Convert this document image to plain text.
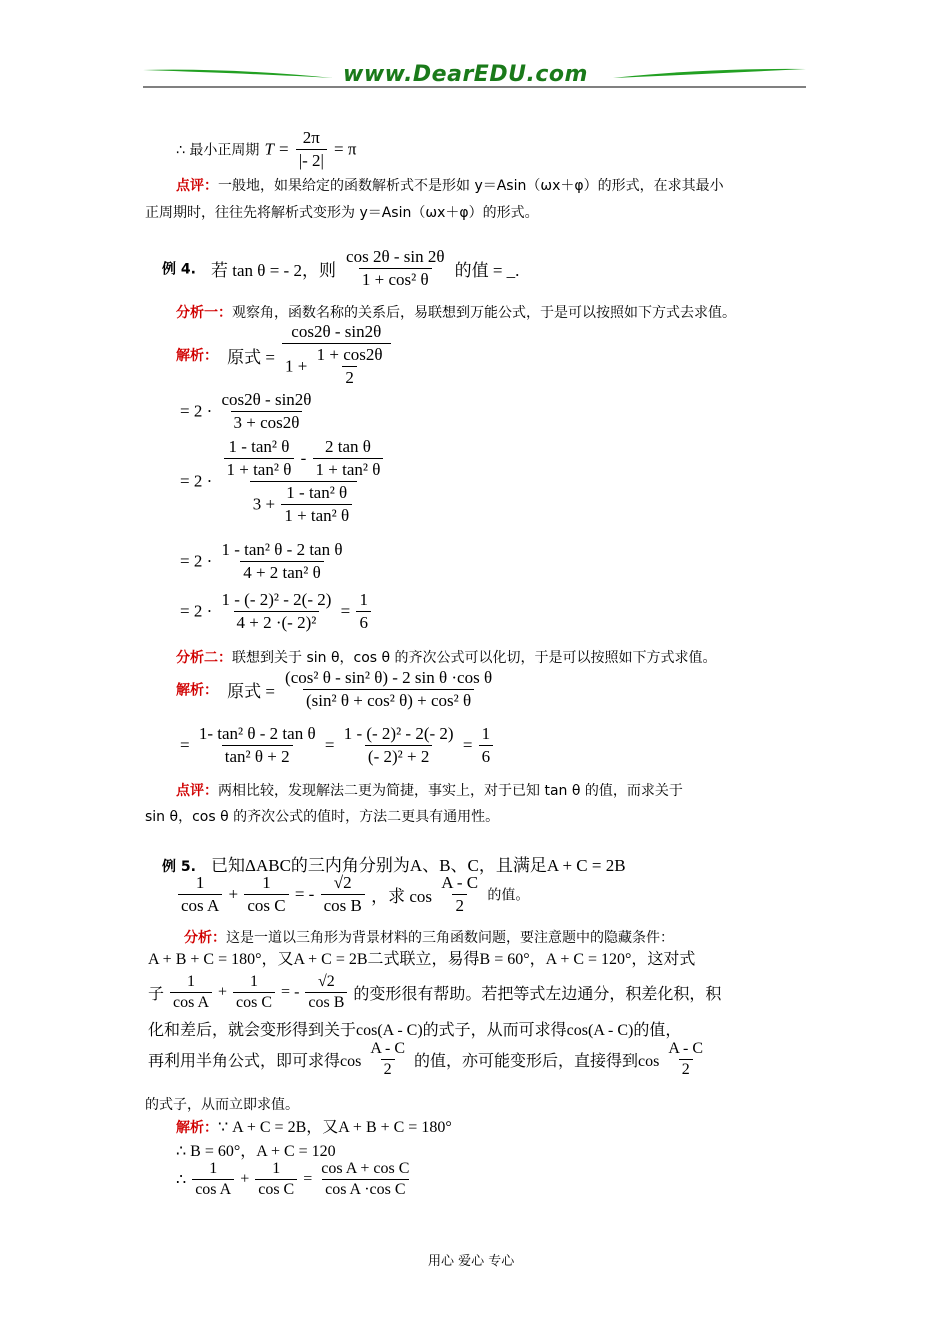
www.DearEDU.com
∴ 最小正周期 $T = \frac{2\pi}{|- 2|} = \pi$
点评：一般地，如果给定的函数解析式不是形如 y＝Asin（ωx＋φ）的形式，在求其最小
正周期时，往往先将解析式变形为 y＝Asin（ωx＋φ）的形式。
例 4. 若 tan θ = - 2，则 $\frac{\cos 2\theta - \sin 2\theta}{\text{1 + cos² θ}}$ 的值 = _.
分析一：观察角，函数名称的关系后，易联想到万能公式，于是可以按照如下方式去求值。
解析： 原式 = $\frac{\cos 2\theta - \sin 2\theta}{1 + \frac{1 + \cos 2\theta}{2}}$
= $2 \cdot \frac{\cos 2\theta - \sin 2\theta}{3 + \cos 2\theta}$
= 2 ·
$\frac{\text{1 - tan² θ}}{\text{1 + tan² θ}} - \frac{\text{2 tan θ}}{\text{1 + tan² θ}}$
$3 + \frac{\text{1 - tan² θ}}{\text{1 + tan² θ}}$
= $2 \cdot \frac{\text{1 - tan² θ - 2 tan θ}}{\text{4 + 2 tan² θ}}$
= $2 \cdot \frac{\text{1 - (- 2)² - 2(- 2)}}{\text{4 + 2 ·(- 2)²}} = \frac{1}{6}$
分析二：联想到关于 sin θ，cos θ 的齐次公式可以化切，于是可以按照如下方式求值。
解析： 原式 = $\frac{\text{(cos² θ - sin² θ) - 2 sin θ ·cos θ}}{\text{(sin² θ + cos² θ) + cos² θ}}$
= $\frac{\text{1- tan² θ - 2 tan θ}}{\text{tan² θ + 2}} = \frac{\text{1 - (- 2)² - 2(- 2)}}{\text{(- 2)² + 2}} = \frac{1}{6}$
点评：两相比较，发现解法二更为简捷，事实上，对于已知 tan θ 的值，而求关于
sin θ，cos θ 的齐次公式的值时，方法二更具有通用性。
例 5. 已知ΔABC的三内角分别为A、B、C，且满足A + C = 2B
$\frac{1}{\text{cos A}} + \frac{1}{\text{cos C}}$ = - $\frac{√2}{\text{cos B}}$ ，求 $\cos \frac{A - C}{2}$ 的值。
分析：这是一道以三角形为背景材料的三角函数问题，要注意题中的隐藏条件：
A + B + C = 180°，又A + C = 2B二式联立，易得B = 60°，A + C = 120°，这对式
子 $\frac{1}{\text{cos A}} + \frac{1}{\text{cos C}}$ = - $\frac{√2}{\text{cos B}}$ 的变形很有帮助。若把等式左边通分，积差化积，积
化和差后，就会变形得到关于cos(A - C)的式子，从而可求得cos(A - C)的值，
再利用半角公式，即可求得$\cos \frac{A - C}{2}$ 的值，亦可能变形后，直接得到$\cos \frac{A - C}{2}$
的式子，从而立即求值。
解析：∵ A + C = 2B，又A + B + C = 180°
∴ B = 60°，A + C = 120
∴ $\frac{1}{\text{cos A}} + \frac{1}{\text{cos C}} = \frac{\text{cos A + cos C}}{\text{cos A ·cos C}}$
用心 爱心 专心
